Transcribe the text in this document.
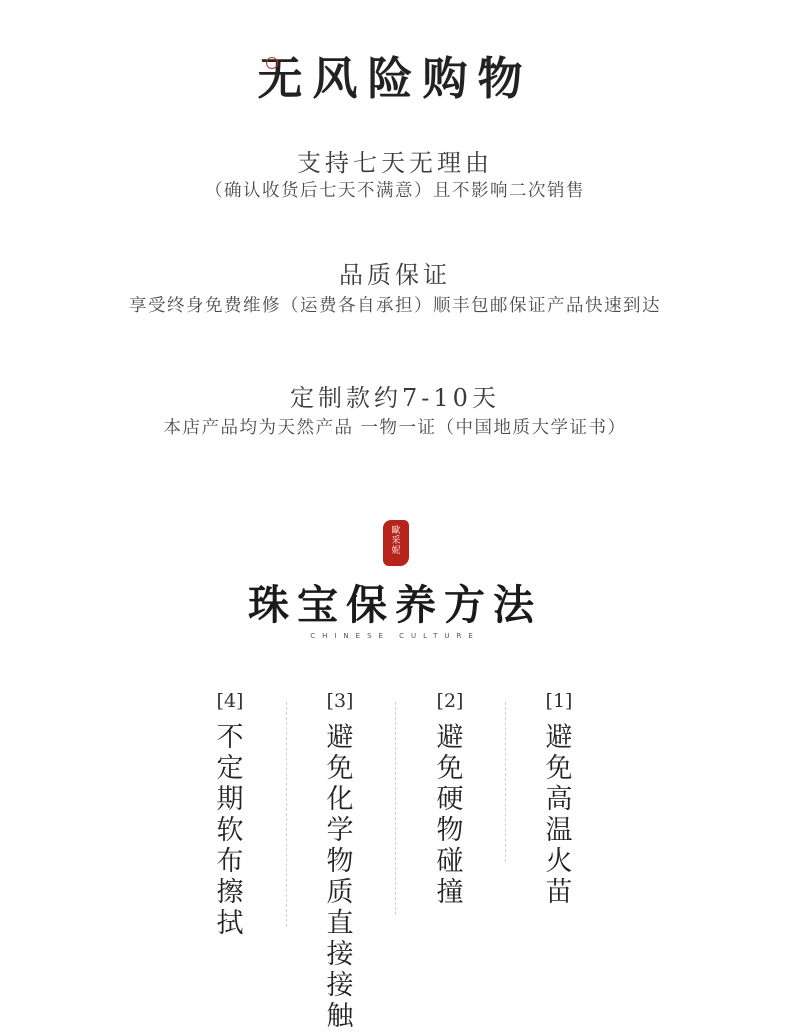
无风险购物
支持七天无理由
（确认收货后七天不满意）且不影响二次销售
品质保证
享受终身免费维修（运费各自承担）顺丰包邮保证产品快速到达
定制款约7-10天
本店产品均为天然产品 一物一证（中国地质大学证书）
歐
采
妮
珠宝保养方法
CHINESE CULTURE
[4]
不
定
期
软
布
擦
拭
[3]
避
免
化
学
物
质
直
接
接
触
[2]
避
免
硬
物
碰
撞
[1]
避
免
高
温
火
苗
